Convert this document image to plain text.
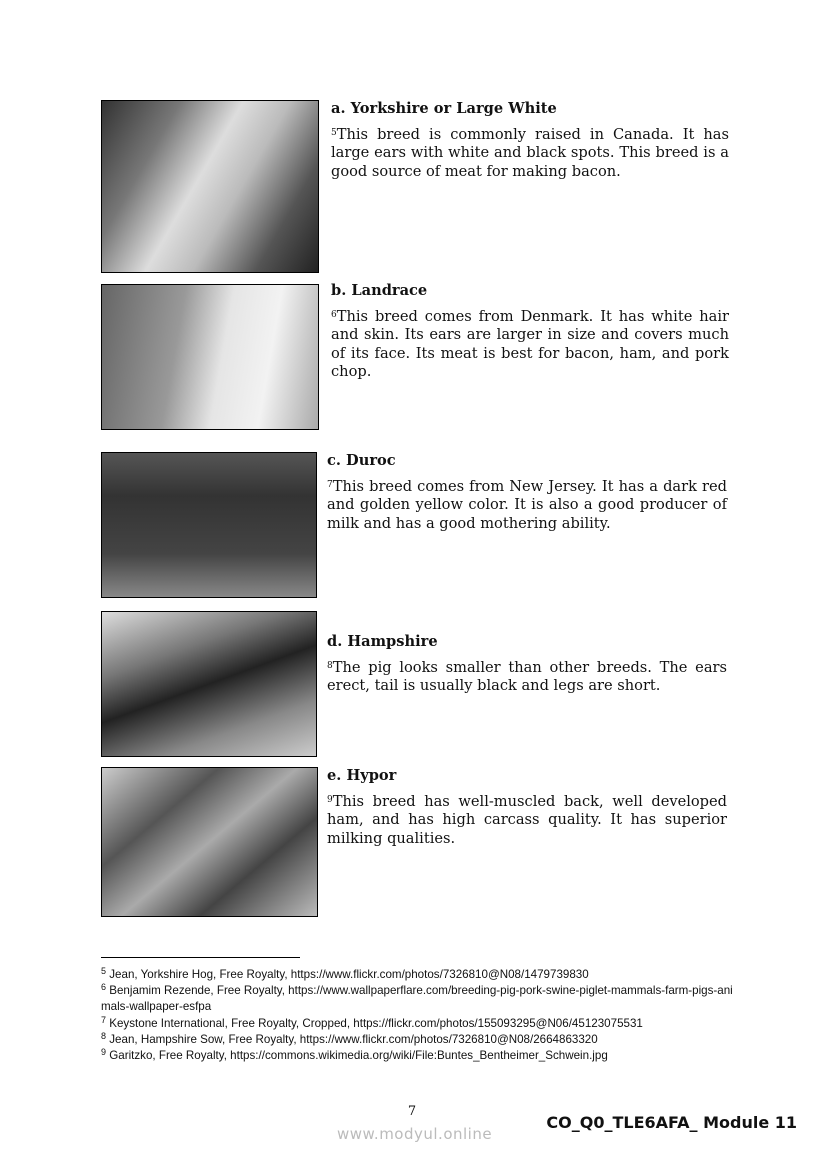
a. Yorkshire or Large White

$^5$This breed is commonly raised in Canada. It has large ears with white and black spots. This breed is a good source of meat for making bacon.

b. Landrace

$^6$This breed comes from Denmark. It has white hair and skin. Its ears are larger in size and covers much of its face. Its meat is best for bacon, ham, and pork chop.

c. Duroc

$^7$This breed comes from New Jersey. It has a dark red and golden yellow color. It is also a good producer of milk and has a good mothering ability.

d. Hampshire

$^8$The pig looks smaller than other breeds. The ears erect, tail is usually black and legs are short.

e. Hypor

$^9$This breed has well-muscled back, well developed ham, and has high carcass quality. It has superior milking qualities.

$^5$ Jean, Yorkshire Hog, Free Royalty, https://www.flickr.com/photos/7326810@N08/1479739830
$^6$ Benjamim Rezende, Free Royalty, https://www.wallpaperflare.com/breeding-pig-pork-swine-piglet-mammals-farm-pigs-animals-wallpaper-esfpa
$^7$ Keystone International, Free Royalty, Cropped, https://flickr.com/photos/155093295@N06/45123075531
$^8$ Jean, Hampshire Sow, Free Royalty, https://www.flickr.com/photos/7326810@N08/2664863320
$^9$ Garitzko, Free Royalty, https://commons.wikimedia.org/wiki/File:Buntes_Bentheimer_Schwein.jpg
7
www.modyul.online
CO_Q0_TLE6AFA_ Module 11
